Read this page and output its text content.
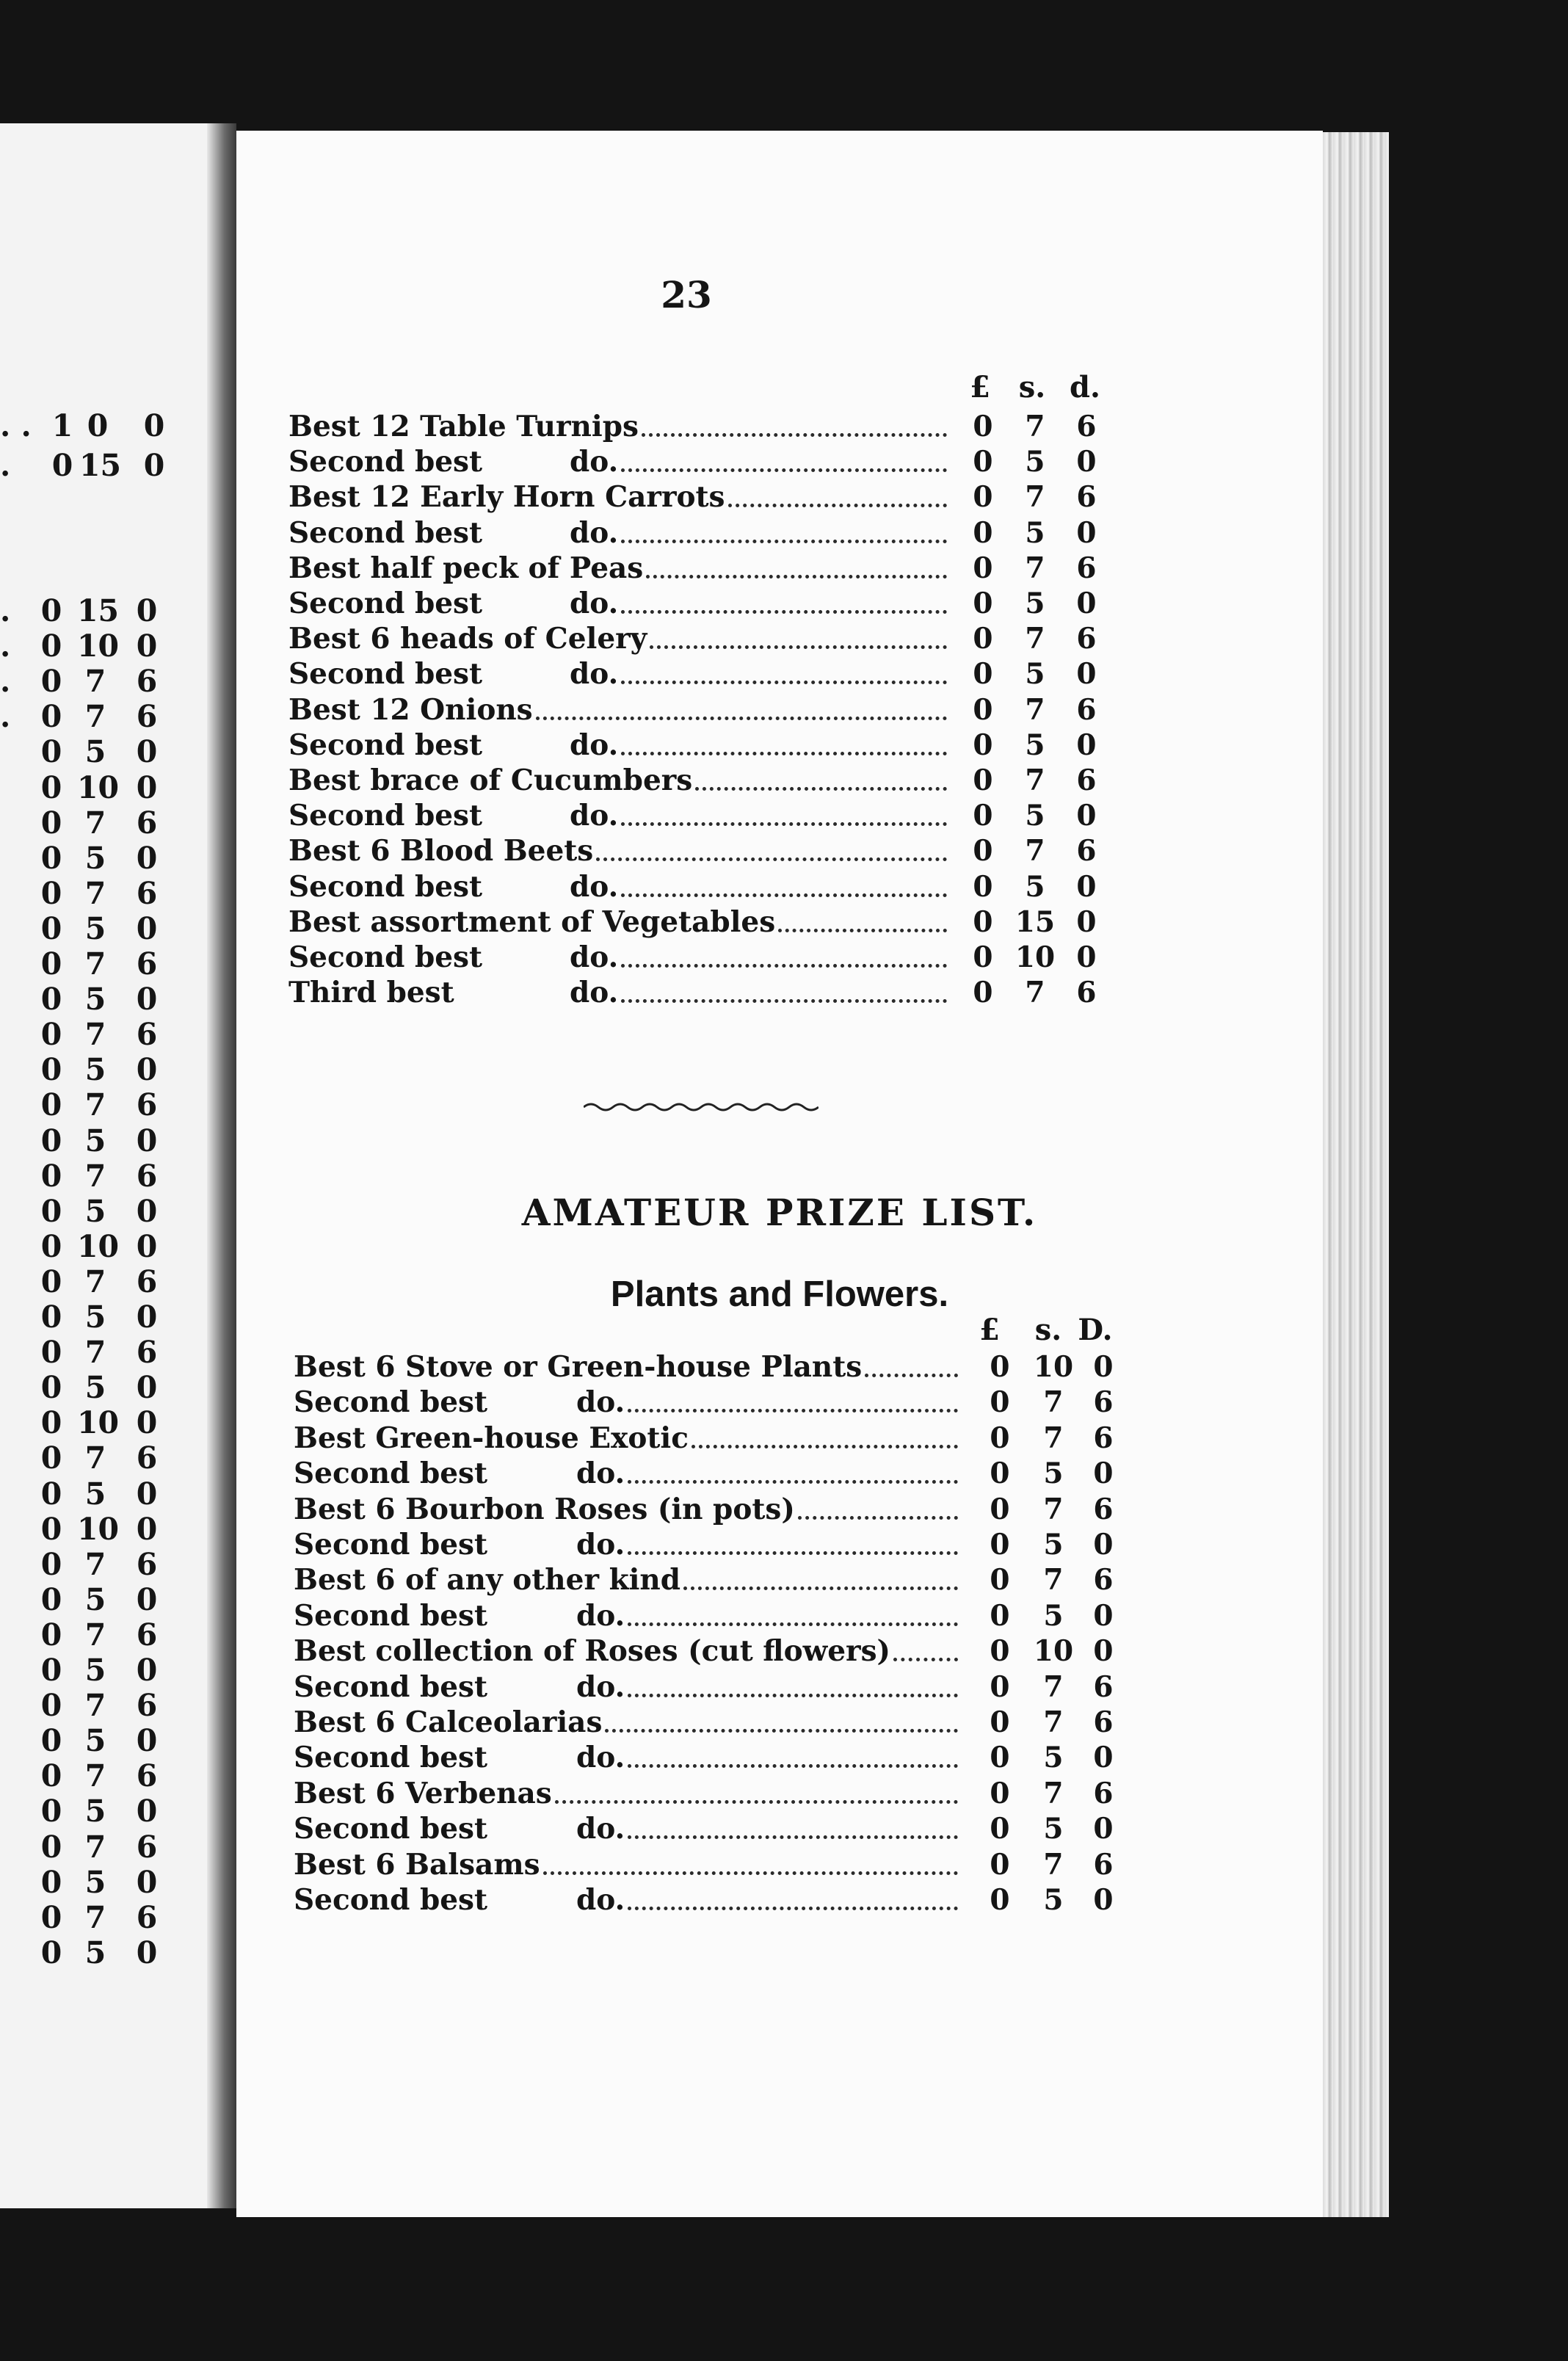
. . 1 0 0
. 0 15 0
. 0 15 0
. 0 10 0
. 0 7 6
. 0 7 6
0 5 0
0 10 0
0 7 6
0 5 0
0 7 6
0 5 0
0 7 6
0 5 0
0 7 6
0 5 0
0 7 6
0 5 0
0 7 6
0 5 0
0 10 0
0 7 6
0 5 0
0 7 6
0 5 0
0 10 0
0 7 6
0 5 0
0 10 0
0 7 6
0 5 0
0 7 6
0 5 0
0 7 6
0 5 0
0 7 6
0 5 0
0 7 6
0 5 0
0 7 6
0 5 0
23
£ s. d.
Best 12 Table Turnips	0	7	6
Second best	do.	0	5	0
Best 12 Early Horn Carrots	0	7	6
Second best	do.	0	5	0
Best half peck of Peas	0	7	6
Second best	do.	0	5	0
Best 6 heads of Celery	0	7	6
Second best	do.	0	5	0
Best 12 Onions	0	7	6
Second best	do.	0	5	0
Best brace of Cucumbers	0	7	6
Second best	do.	0	5	0
Best 6 Blood Beets	0	7	6
Second best	do.	0	5	0
Best assortment of Vegetables	0 15 0
Second best	do.	0 10 0
Third best	do.	0	7	6
AMATEUR PRIZE LIST.
Plants and Flowers.
£	s. D.
Best 6 Stove or Green-house Plants	0 10 0
Second best	do.	0	7	6
Best Green-house Exotic	0	7	6
Second best	do.	0	5	0
Best 6 Bourbon Roses (in pots)	0	7	6
Second best	do.	0	5	0
Best 6 of any other kind	0	7	6
Second best	do.	0	5	0
Best collection of Roses (cut flowers)	0 10 0
Second best	do.	0	7	6
Best 6 Calceolarias	0	7	6
Second best	do.	0	5	0
Best 6 Verbenas	0	7	6
Second best	do.	0	5	0
Best 6 Balsams	0	7	6
Second best	do.	0	5	0
